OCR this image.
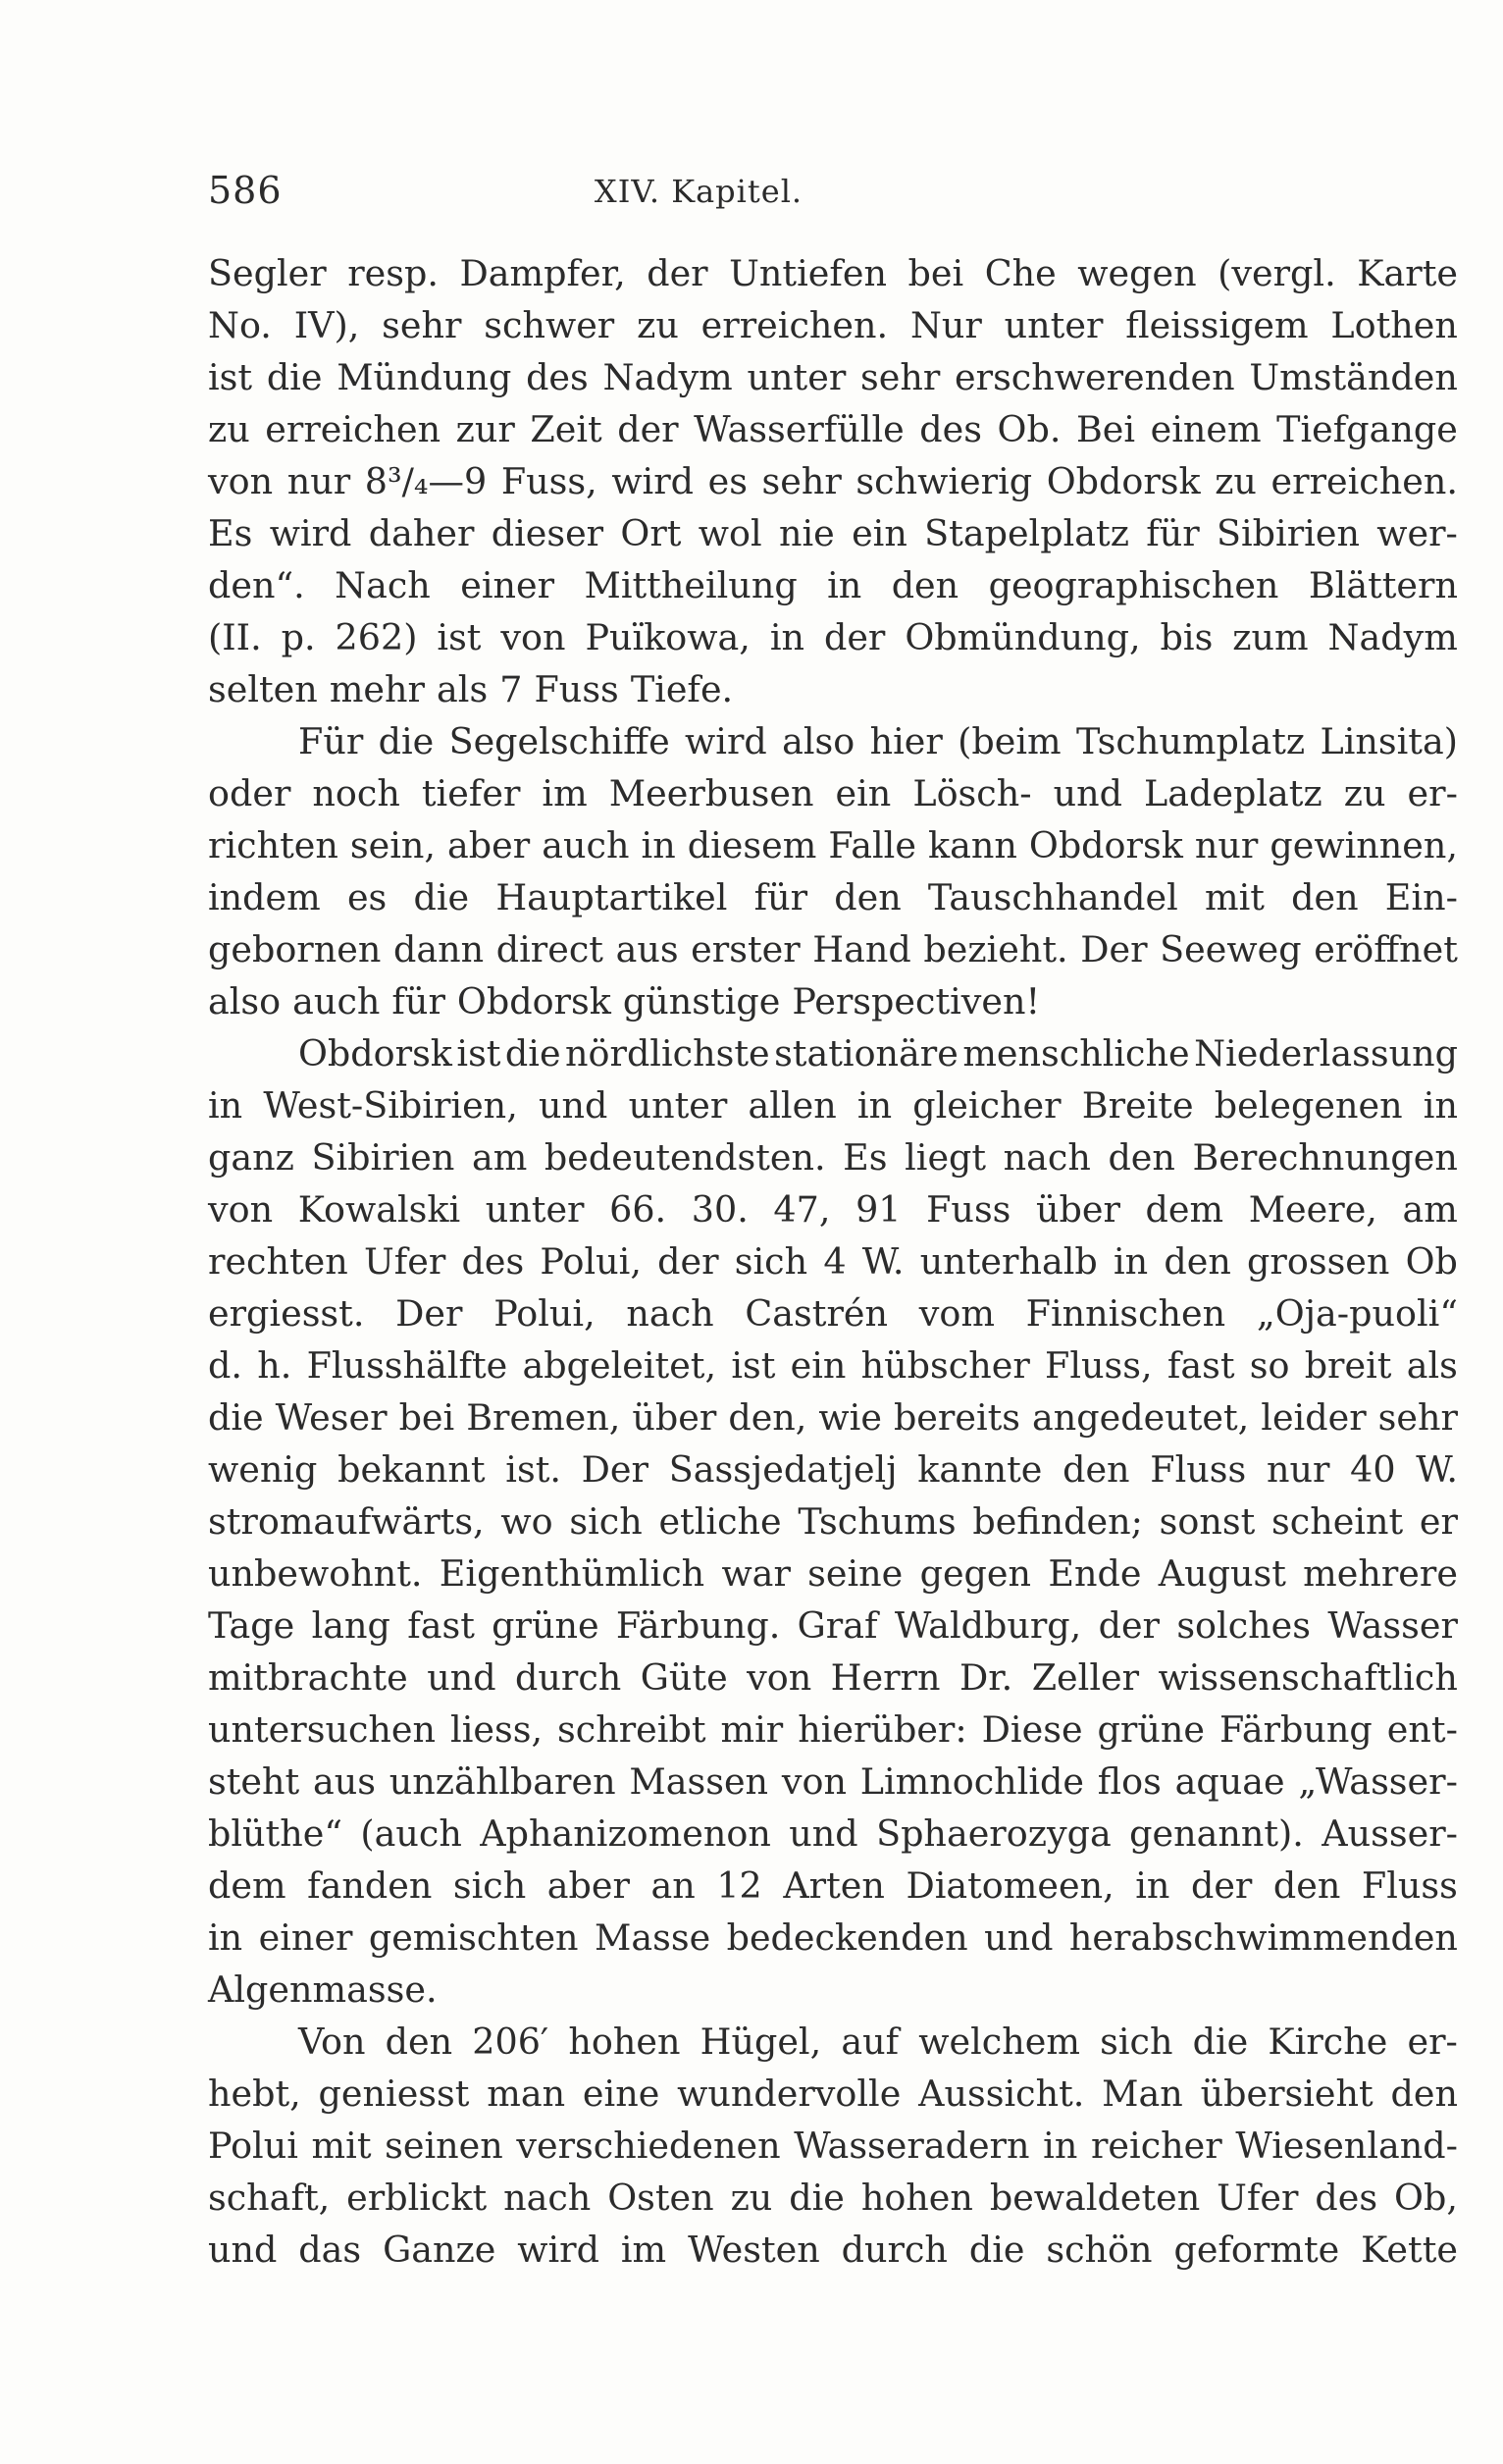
586	XIV. Kapitel.
Segler resp. Dampfer, der Untiefen bei Che wegen (vergl. Karte
No. IV), sehr schwer zu erreichen. Nur unter fleissigem Lothen
ist die Mündung des Nadym unter sehr erschwerenden Umständen
zu erreichen zur Zeit der Wasserfülle des Ob. Bei einem Tiefgange
von nur 8³/₄—9 Fuss, wird es sehr schwierig Obdorsk zu erreichen.
Es wird daher dieser Ort wol nie ein Stapelplatz für Sibirien wer-
den“. Nach einer Mittheilung in den geographischen Blättern
(II. p. 262) ist von Puïkowa, in der Obmündung, bis zum Nadym
selten mehr als 7 Fuss Tiefe.
Für die Segelschiffe wird also hier (beim Tschumplatz Linsita)
oder noch tiefer im Meerbusen ein Lösch- und Ladeplatz zu er-
richten sein, aber auch in diesem Falle kann Obdorsk nur gewinnen,
indem es die Hauptartikel für den Tauschhandel mit den Ein-
gebornen dann direct aus erster Hand bezieht. Der Seeweg eröffnet
also auch für Obdorsk günstige Perspectiven!
Obdorsk ist die nördlichste stationäre menschliche Niederlassung
in West-Sibirien, und unter allen in gleicher Breite belegenen in
ganz Sibirien am bedeutendsten. Es liegt nach den Berechnungen
von Kowalski unter 66. 30. 47, 91 Fuss über dem Meere, am
rechten Ufer des Polui, der sich 4 W. unterhalb in den grossen Ob
ergiesst. Der Polui, nach Castrén vom Finnischen „Oja-puoli“
d. h. Flusshälfte abgeleitet, ist ein hübscher Fluss, fast so breit als
die Weser bei Bremen, über den, wie bereits angedeutet, leider sehr
wenig bekannt ist. Der Sassjedatjelj kannte den Fluss nur 40 W.
stromaufwärts, wo sich etliche Tschums befinden; sonst scheint er
unbewohnt. Eigenthümlich war seine gegen Ende August mehrere
Tage lang fast grüne Färbung. Graf Waldburg, der solches Wasser
mitbrachte und durch Güte von Herrn Dr. Zeller wissenschaftlich
untersuchen liess, schreibt mir hierüber: Diese grüne Färbung ent-
steht aus unzählbaren Massen von Limnochlide flos aquae „Wasser-
blüthe“ (auch Aphanizomenon und Sphaerozyga genannt). Ausser-
dem fanden sich aber an 12 Arten Diatomeen, in der den Fluss
in einer gemischten Masse bedeckenden und herabschwimmenden
Algenmasse.
Von den 206′ hohen Hügel, auf welchem sich die Kirche er-
hebt, geniesst man eine wundervolle Aussicht. Man übersieht den
Polui mit seinen verschiedenen Wasseradern in reicher Wiesenland-
schaft, erblickt nach Osten zu die hohen bewaldeten Ufer des Ob,
und das Ganze wird im Westen durch die schön geformte Kette
